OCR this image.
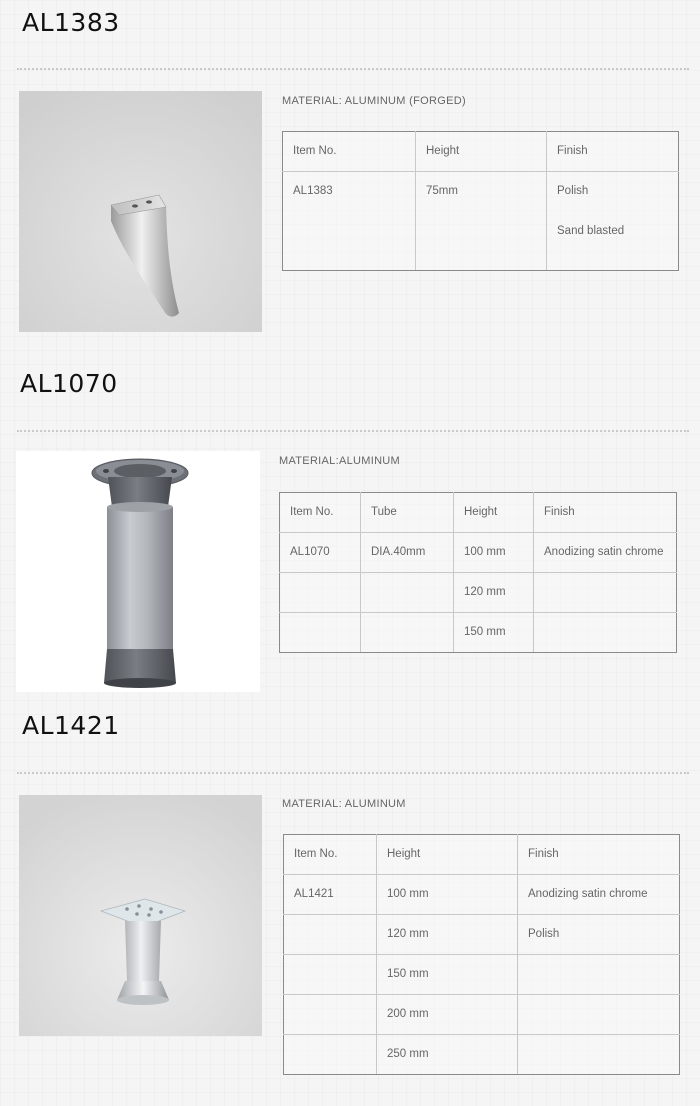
AL1383
MATERIAL: ALUMINUM (FORGED)
Item No.	Height	Finish
AL1383	75mm	Polish
Sand blasted
AL1070
MATERIAL:ALUMINUM
Item No.	Tube	Height	Finish
AL1070	DIA.40mm	100 mm	Anodizing satin chrome
		120 mm	
		150 mm	
AL1421
MATERIAL: ALUMINUM
Item No.	Height	Finish
AL1421	100 mm	Anodizing satin chrome
	120 mm	Polish
	150 mm	
	200 mm	
	250 mm	
